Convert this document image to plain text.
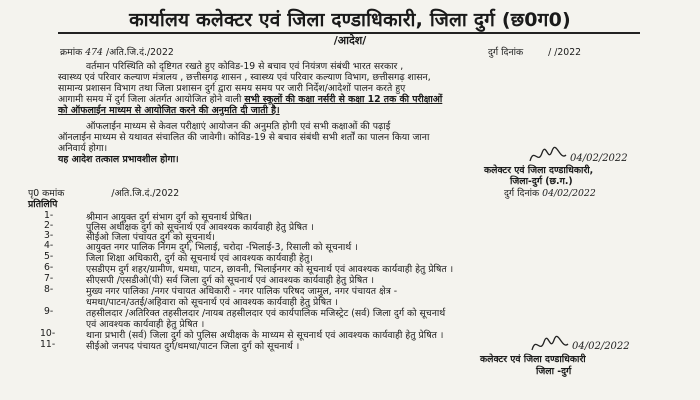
कार्यालय कलेक्टर एवं जिला दण्डाधिकारी, जिला दुर्ग (छ0ग0)
/आदेश/
क्रमांक 474 /अति.जि.दं./2022	दुर्ग दिनांक	/ /2022
वर्तमान परिस्थिति को दृष्टिगत रखते हुए कोविड-19 से बचाव एवं नियंत्रण संबंधी भारत सरकार ,
स्वास्थ्य एवं परिवार कल्याण मंत्रालय , छत्तीसगढ़ शासन , स्वास्थ्य एवं परिवार कल्याण विभाग, छत्तीसगढ़ शासन,
सामान्य प्रशासन विभाग तथा जिला प्रशासन दुर्ग द्वारा समय समय पर जारी निर्देश/आदेशों पालन करते हुए
आगामी समय में दुर्ग जिला अंतर्गत आयोजित होने वाली सभी स्कूलों की कक्षा नर्सरी से कक्षा 12 तक की परीक्षाओं
को ऑफलाईन माध्यम से आयोजित करने की अनुमति दी जाती है।
ऑफलाईन माध्यम से केवल परीक्षाएं आयोजन की अनुमति होगी एवं सभी कक्षाओं की पढ़ाई
ऑनलाईन माध्यम से यथावत संचालित की जावेगी। कोविड-19 से बचाव संबंधी सभी शर्तों का पालन किया जाना
अनिवार्य होगा।
यह आदेश तत्काल प्रभावशील होगा।	04/02/2022
कलेक्टर एवं जिला दण्डाधिकारी,
जिला-दुर्ग (छ.ग.)
दुर्ग दिनांक 04/02/2022
पृ0 कमांक	/अति.जि.दं./2022
प्रतिलिपि
1-	श्रीमान आयुक्त दुर्ग संभाग दुर्ग को सूचनार्थ प्रेषित।
2-	पुलिस अधीक्षक दुर्ग को सूचनार्थ एवं आवश्यक कार्यवाही हेतु प्रेषित ।
3-	सीईओ जिला पंचायत दुर्ग को सूचनार्थ।
4-	आयुक्त नगर पालिक निगम दुर्ग, भिलाई, चरोदा -भिलाई-3, रिसाली को सूचनार्थ ।
5-	जिला शिक्षा अधिकारी, दुर्ग को सूचनार्थ एवं आवश्यक कार्यवाही हेतु।
6-	एसडीएम दुर्ग शहर/ग्रामीण, धमधा, पाटन, छावनी, भिलाईनगर को सूचनार्थ एवं आवश्यक कार्यवाही हेतु प्रेषित ।
7-	सीएसपी /एसडीओ(पी) सर्व जिला दुर्ग को सूचनार्थ एवं आवश्यक कार्यवाही हेतु प्रेषित ।
8-	मुख्य नगर पालिका /नगर पंचायत अधिकारी - नगर पालिक परिषद जामुल, नगर पंचायत क्षेत्र -
धमधा/पाटन/उतई/अहिवारा को सूचनार्थ एवं आवश्यक कार्यवाही हेतु प्रेषित ।
9-	तहसीलदार /अतिरिक्त तहसीलदार /नायब तहसीलदार एवं कार्यपालिक मजिस्ट्रेट (सर्व) जिला दुर्ग को सूचनार्थ
एवं आवश्यक कार्यवाही हेतु प्रेषित ।
10-	थाना प्रभारी (सर्व) जिला दुर्ग को पुलिस अधीक्षक के माध्यम से सूचनार्थ एवं आवश्यक कार्यवाही हेतु प्रेषित ।
11-	सीईओ जनपद पंचायत दुर्ग/धमधा/पाटन जिला दुर्ग को सूचनार्थ ।	04/02/2022
कलेक्टर एवं जिला दण्डाधिकारी
जिला -दुर्ग
